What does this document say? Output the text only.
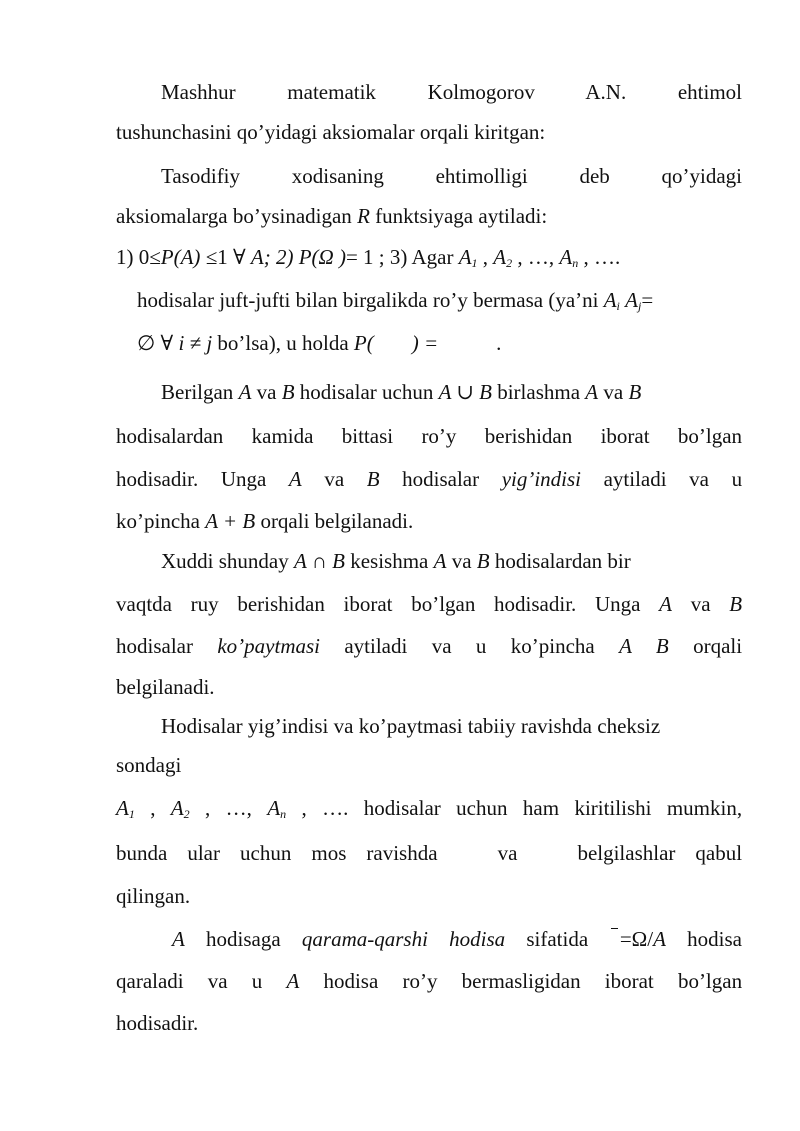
Mashhur matematik Kolmogorov A.N. ehtimol
tushunchasini qo’yidagi aksiomalar orqali kiritgan:
Tasodifiy xodisaning ehtimolligi deb qo’yidagi
aksiomalarga bo’ysinadigan R funktsiyaga aytiladi:
1) 0≤P(A) ≤1 ∀ A; 2) P(Ω )= 1 ; 3) Agar $A_1$ , $A_2$ , …, $A_n$ , ….
hodisalar juft-jufti bilan birgalikda ro’y bermasa (ya’ni $A_i$ $A_j=$
∅ ∀ i ≠ j bo’lsa), u holda P( ) =	.
Berilgan A va B hodisalar uchun A ∪ B birlashma A va B
hodisalardan kamida bittasi ro’y berishidan iborat bo’lgan
hodisadir. Unga A va B hodisalar yig’indisi aytiladi va u
ko’pincha A + B orqali belgilanadi.
Xuddi shunday A ∩ B kesishma A va B hodisalardan bir
vaqtda ruy berishidan iborat bo’lgan hodisadir. Unga A va B
hodisalar ko’paytmasi aytiladi va u ko’pincha A B orqali
belgilanadi.
Hodisalar yig’indisi va ko’paytmasi tabiiy ravishda cheksiz
sondagi
$A_1$ , $A_2$ , …, $A_n$ , …. hodisalar uchun ham kiritilishi mumkin,
bunda ular uchun mos ravishda	va	belgilashlar qabul
qilingan.
A hodisaga qarama-qarshi hodisa sifatida   =Ω/A hodisa
qaraladi va u A hodisa ro’y bermasligidan iborat bo’lgan
hodisadir.
